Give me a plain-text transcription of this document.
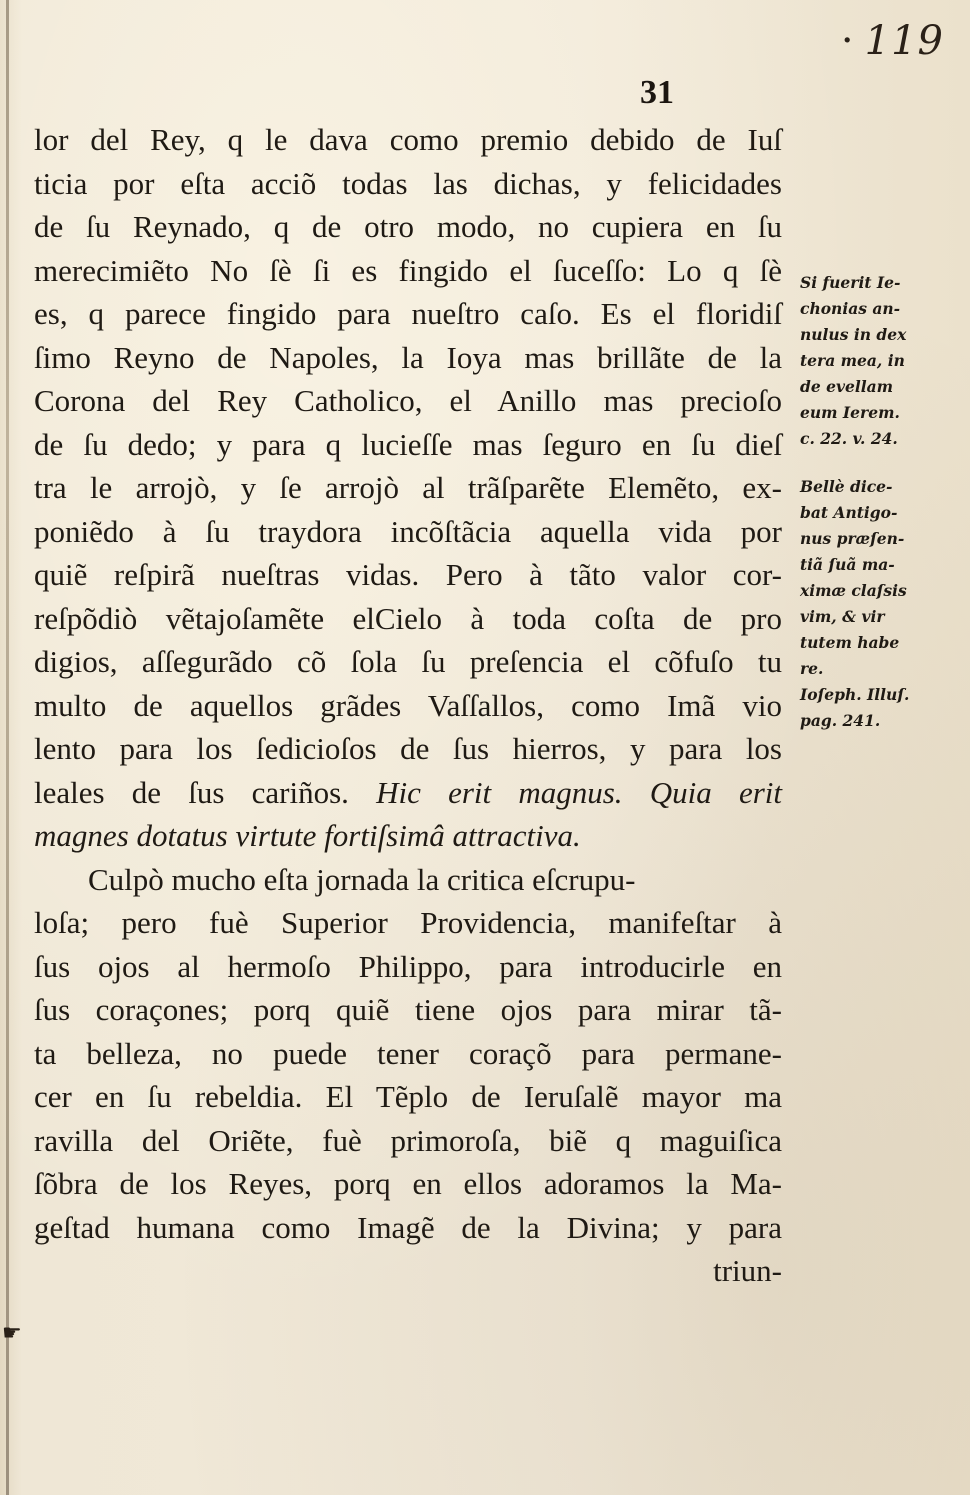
· 119
31
lor del Rey, q le dava como premio debido de Iuſ
ticia por eſta acciõ todas las dichas, y felicidades
de ſu Reynado, q de otro modo, no cupiera en ſu
merecimiẽto No ſè ſi es fingido el ſuceſſo: Lo q ſè
es, q parece fingido para nueſtro caſo. Es el floridiſ
ſimo Reyno de Napoles, la Ioya mas brillãte de la
Corona del Rey Catholico, el Anillo mas precioſo
de ſu dedo; y para q lucieſſe mas ſeguro en ſu dieſ
tra le arrojò, y ſe arrojò al trãſparẽte Elemẽto, ex-
poniẽdo à ſu traydora incõſtãcia aquella vida por
quiẽ reſpirã nueſtras vidas. Pero à tãto valor cor-
reſpõdiò vẽtajoſamẽte elCielo à toda coſta de pro
digios, aſſegurãdo cõ ſola ſu preſencia el cõfuſo tu
multo de aquellos grãdes Vaſſallos, como Imã vio
lento para los ſedicioſos de ſus hierros, y para los
leales de ſus cariños. Hic erit magnus. Quia erit
magnes dotatus virtute fortiſsimâ attractiva.
Culpò mucho eſta jornada la critica eſcrupu-
loſa; pero fuè Superior Providencia, manifeſtar à
ſus ojos al hermoſo Philippo, para introducirle en
ſus coraçones; porq quiẽ tiene ojos para mirar tã-
ta belleza, no puede tener coraçõ para permane-
cer en ſu rebeldia. El Tẽplo de Ieruſalẽ mayor ma
ravilla del Oriẽte, fuè primoroſa, biẽ q maguiſica
ſõbra de los Reyes, porq en ellos adoramos la Ma-
geſtad humana como Imagẽ de la Divina; y para
triun-
Si fuerit Ie-
chonias an-
nulus in dex
tera mea, in
de evellam
eum Ierem.
c. 22. v. 24.
Bellè dice-
bat Antigo-
nus præſen-
tiã ſuã ma-
ximæ claſsis
vim, & vir
tutem habe
re.
Ioſeph. Illuſ.
pag. 241.
☛
